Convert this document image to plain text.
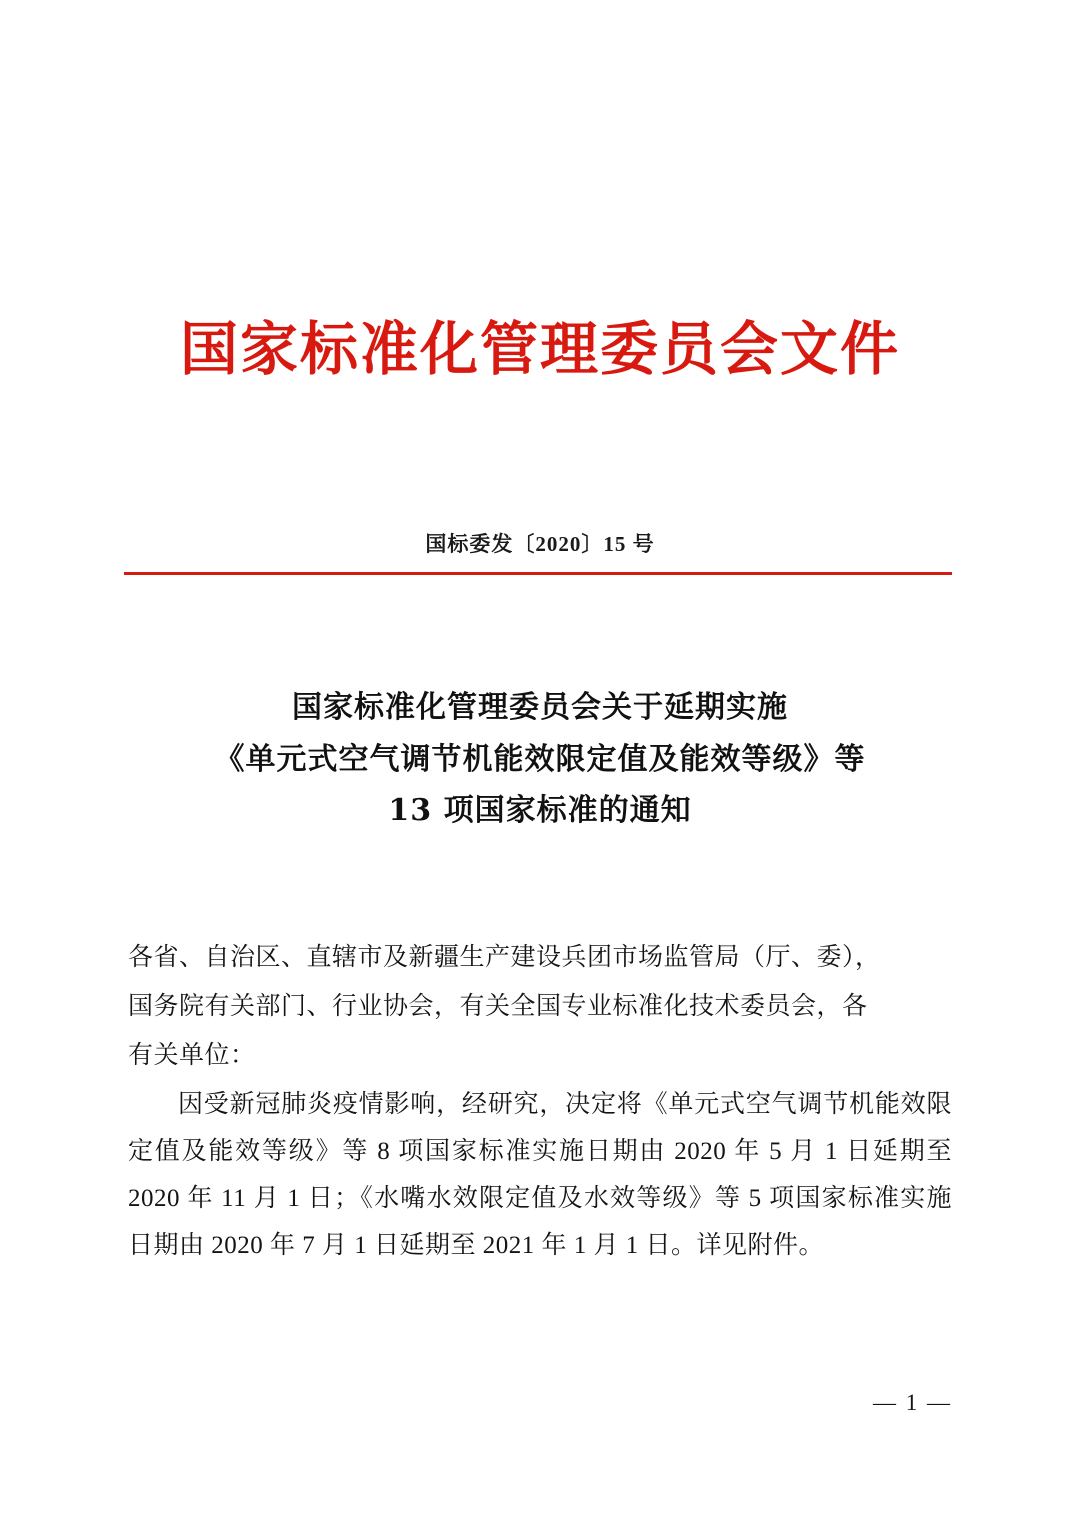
国家标准化管理委员会文件
国标委发〔2020〕15 号
国家标准化管理委员会关于延期实施
《单元式空气调节机能效限定值及能效等级》等
13 项国家标准的通知

各省、自治区、直辖市及新疆生产建设兵团市场监管局（厅、委），

国务院有关部门、行业协会，有关全国专业标准化技术委员会，各

有关单位：

因受新冠肺炎疫情影响，经研究，决定将《单元式空气调节机能效限定值及能效等级》等 8 项国家标准实施日期由 2020 年 5 月 1 日延期至 2020 年 11 月 1 日；《水嘴水效限定值及水效等级》等 5 项国家标准实施日期由 2020 年 7 月 1 日延期至 2021 年 1 月 1 日。详见附件。

— 1 —
